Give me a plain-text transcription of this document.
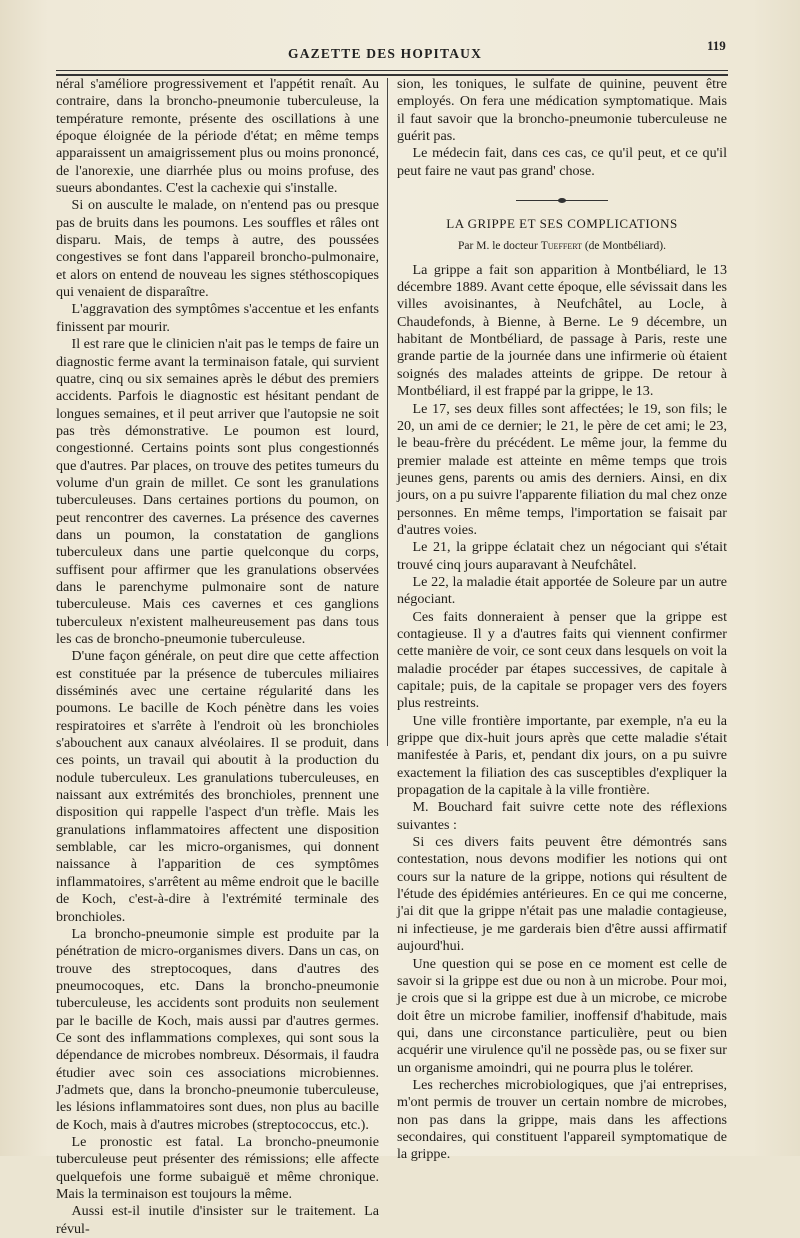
GAZETTE DES HOPITAUX
119

néral s'améliore progressivement et l'appétit renaît. Au contraire, dans la broncho-pneumonie tuberculeuse, la température remonte, présente des oscillations à une époque éloignée de la période d'état; en même temps apparaissent un amaigrissement plus ou moins prononcé, de l'anorexie, une diarrhée plus ou moins profuse, des sueurs abondantes. C'est la cachexie qui s'installe.

Si on ausculte le malade, on n'entend pas ou presque pas de bruits dans les poumons. Les souffles et râles ont disparu. Mais, de temps à autre, des poussées congestives se font dans l'appareil broncho-pulmonaire, et alors on entend de nouveau les signes stéthoscopiques qui venaient de disparaître.

L'aggravation des symptômes s'accentue et les enfants finissent par mourir.

Il est rare que le clinicien n'ait pas le temps de faire un diagnostic ferme avant la terminaison fatale, qui survient quatre, cinq ou six semaines après le début des premiers accidents. Parfois le diagnostic est hésitant pendant de longues semaines, et il peut arriver que l'autopsie ne soit pas très démonstrative. Le poumon est lourd, congestionné. Certains points sont plus congestionnés que d'autres. Par places, on trouve des petites tumeurs du volume d'un grain de millet. Ce sont les granulations tuberculeuses. Dans certaines portions du poumon, on peut rencontrer des cavernes. La présence des cavernes dans un poumon, la constatation de ganglions tuberculeux dans une partie quelconque du corps, suffisent pour affirmer que les granulations observées dans le parenchyme pulmonaire sont de nature tuberculeuse. Mais ces cavernes et ces ganglions tuberculeux n'existent malheureusement pas dans tous les cas de broncho-pneumonie tuberculeuse.

D'une façon générale, on peut dire que cette affection est constituée par la présence de tubercules miliaires disséminés avec une certaine régularité dans les poumons. Le bacille de Koch pénètre dans les voies respiratoires et s'arrête à l'endroit où les bronchioles s'abouchent aux canaux alvéolaires. Il se produit, dans ces points, un travail qui aboutit à la production du nodule tuberculeux. Les granulations tuberculeuses, en naissant aux extrémités des bronchioles, prennent une disposition qui rappelle l'aspect d'un trèfle. Mais les granulations inflammatoires affectent une disposition semblable, car les micro-organismes, qui donnent naissance à l'apparition de ces symptômes inflammatoires, s'arrêtent au même endroit que le bacille de Koch, c'est-à-dire à l'extrémité terminale des bronchioles.

La broncho-pneumonie simple est produite par la pénétration de micro-organismes divers. Dans un cas, on trouve des streptocoques, dans d'autres des pneumocoques, etc. Dans la broncho-pneumonie tuberculeuse, les accidents sont produits non seulement par le bacille de Koch, mais aussi par d'autres germes. Ce sont des inflammations complexes, qui sont sous la dépendance de microbes nombreux. Désormais, il faudra étudier avec soin ces associations microbiennes. J'admets que, dans la broncho-pneumonie tuberculeuse, les lésions inflammatoires sont dues, non plus au bacille de Koch, mais à d'autres microbes (streptococcus, etc.).

Le pronostic est fatal. La broncho-pneumonie tuberculeuse peut présenter des rémissions; elle affecte quelquefois une forme subaiguë et même chronique. Mais la terminaison est toujours la même.

Aussi est-il inutile d'insister sur le traitement. La révul-

sion, les toniques, le sulfate de quinine, peuvent être employés. On fera une médication symptomatique. Mais il faut savoir que la broncho-pneumonie tuberculeuse ne guérit pas.

Le médecin fait, dans ces cas, ce qu'il peut, et ce qu'il peut faire ne vaut pas grand' chose.

LA GRIPPE ET SES COMPLICATIONS
Par M. le docteur Tueffert (de Montbéliard).

La grippe a fait son apparition à Montbéliard, le 13 décembre 1889. Avant cette époque, elle sévissait dans les villes avoisinantes, à Neufchâtel, au Locle, à Chaudefonds, à Bienne, à Berne. Le 9 décembre, un habitant de Montbéliard, de passage à Paris, reste une grande partie de la journée dans une infirmerie où étaient soignés des malades atteints de grippe. De retour à Montbéliard, il est frappé par la grippe, le 13.

Le 17, ses deux filles sont affectées; le 19, son fils; le 20, un ami de ce dernier; le 21, le père de cet ami; le 23, le beau-frère du précédent. Le même jour, la femme du premier malade est atteinte en même temps que trois jeunes gens, parents ou amis des derniers. Ainsi, en dix jours, on a pu suivre l'apparente filiation du mal chez onze personnes. En même temps, l'importation se faisait par d'autres voies.

Le 21, la grippe éclatait chez un négociant qui s'était trouvé cinq jours auparavant à Neufchâtel.

Le 22, la maladie était apportée de Soleure par un autre négociant.

Ces faits donneraient à penser que la grippe est contagieuse. Il y a d'autres faits qui viennent confirmer cette manière de voir, ce sont ceux dans lesquels on voit la maladie procéder par étapes successives, de capitale à capitale; puis, de la capitale se propager vers des foyers plus restreints.

Une ville frontière importante, par exemple, n'a eu la grippe que dix-huit jours après que cette maladie s'était manifestée à Paris, et, pendant dix jours, on a pu suivre exactement la filiation des cas susceptibles d'expliquer la propagation de la capitale à la ville frontière.

M. Bouchard fait suivre cette note des réflexions suivantes :

Si ces divers faits peuvent être démontrés sans contestation, nous devons modifier les notions qui ont cours sur la nature de la grippe, notions qui résultent de l'étude des épidémies antérieures. En ce qui me concerne, j'ai dit que la grippe n'était pas une maladie contagieuse, ni infectieuse, je me garderais bien d'être aussi affirmatif aujourd'hui.

Une question qui se pose en ce moment est celle de savoir si la grippe est due ou non à un microbe. Pour moi, je crois que si la grippe est due à un microbe, ce microbe doit être un microbe familier, inoffensif d'habitude, mais qui, dans une circonstance particulière, peut ou bien acquérir une virulence qu'il ne possède pas, ou se fixer sur un organisme amoindri, qui ne pourra plus le tolérer.

Les recherches microbiologiques, que j'ai entreprises, m'ont permis de trouver un certain nombre de microbes, non pas dans la grippe, mais dans les affections secondaires, qui constituent l'appareil symptomatique de la grippe.
